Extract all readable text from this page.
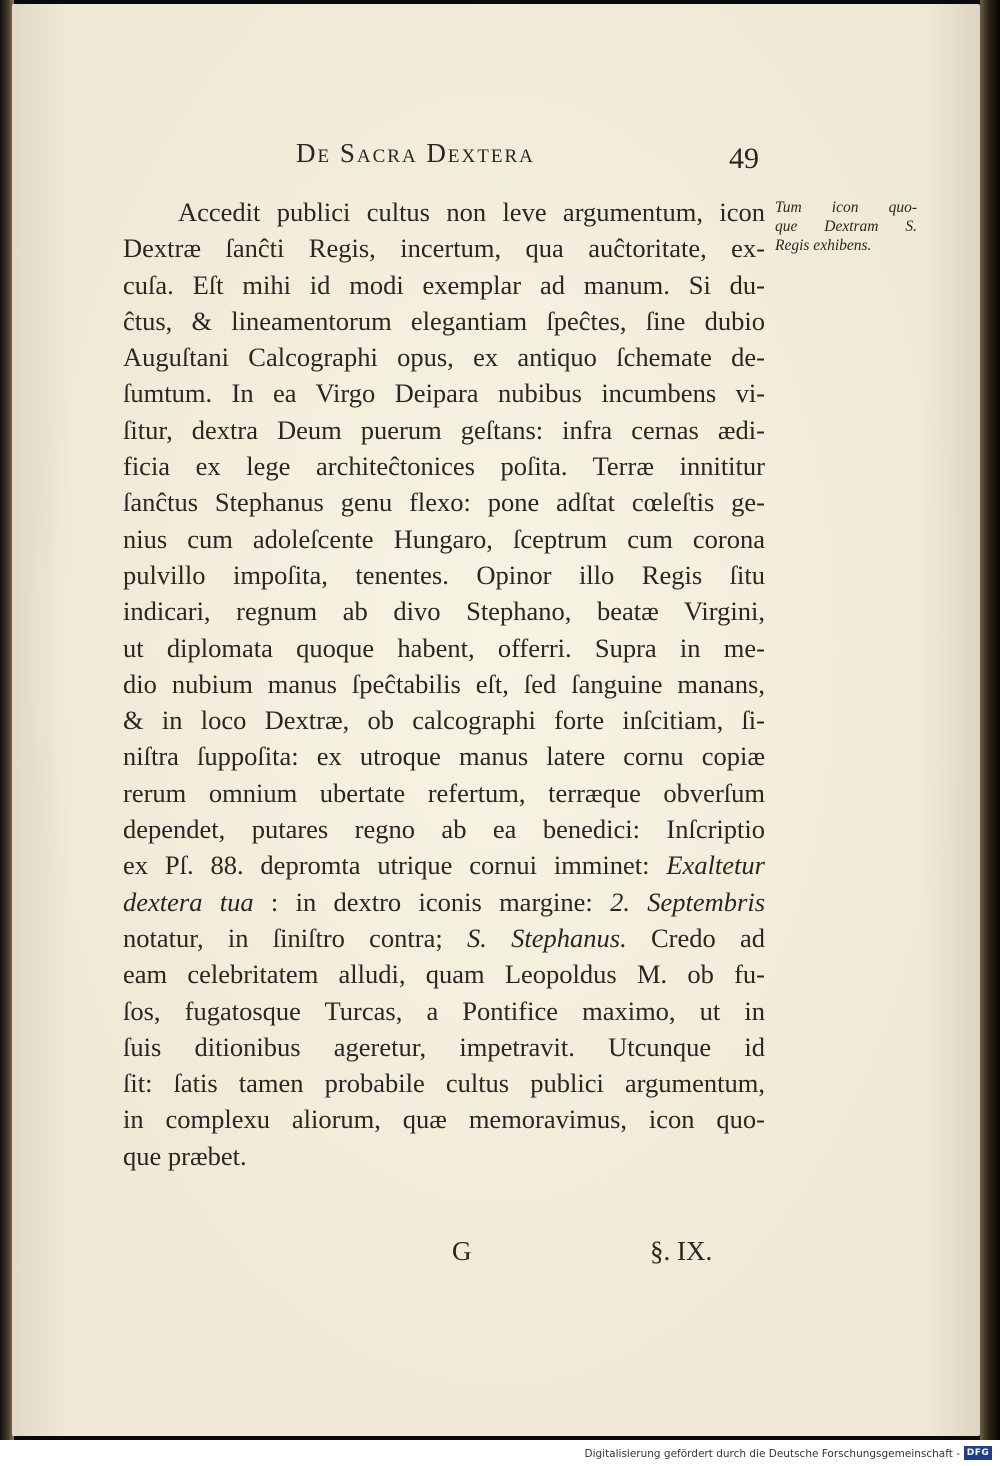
De Sacra Dextera	49
Accedit publici cultus non leve argumentum, icon
Dextræ ſanĉti Regis, incertum, qua auĉtoritate, ex-
cuſa. Eſt mihi id modi exemplar ad manum. Si du-
ĉtus, & lineamentorum elegantiam ſpeĉtes, ſine dubio
Auguſtani Calcographi opus, ex antiquo ſchemate de-
ſumtum. In ea Virgo Deipara nubibus incumbens vi-
ſitur, dextra Deum puerum geſtans: infra cernas ædi-
ficia ex lege architeĉtonices poſita. Terræ innititur
ſanĉtus Stephanus genu flexo: pone adſtat cœleſtis ge-
nius cum adoleſcente Hungaro, ſceptrum cum corona
pulvillo impoſita, tenentes. Opinor illo Regis ſitu
indicari, regnum ab divo Stephano, beatæ Virgini,
ut diplomata quoque habent, offerri. Supra in me-
dio nubium manus ſpeĉtabilis eſt, ſed ſanguine manans,
& in loco Dextræ, ob calcographi forte inſcitiam, ſi-
niſtra ſuppoſita: ex utroque manus latere cornu copiæ
rerum omnium ubertate refertum, terræque obverſum
dependet, putares regno ab ea benedici: Inſcriptio
ex Pſ. 88. depromta utrique cornui imminet: Exaltetur
dextera tua : in dextro iconis margine: 2. Septembris
notatur, in ſiniſtro contra; S. Stephanus. Credo ad
eam celebritatem alludi, quam Leopoldus M. ob fu-
ſos, fugatosque Turcas, a Pontifice maximo, ut in
ſuis ditionibus ageretur, impetravit. Utcunque id
ſit: ſatis tamen probabile cultus publici argumentum,
in complexu aliorum, quæ memoravimus, icon quo-
que præbet.
Tum icon quo-
que Dextram S.
Regis exhibens.
G	§. IX.
Digitalisierung gefördert durch die Deutsche Forschungsgemeinschaft - DFG
